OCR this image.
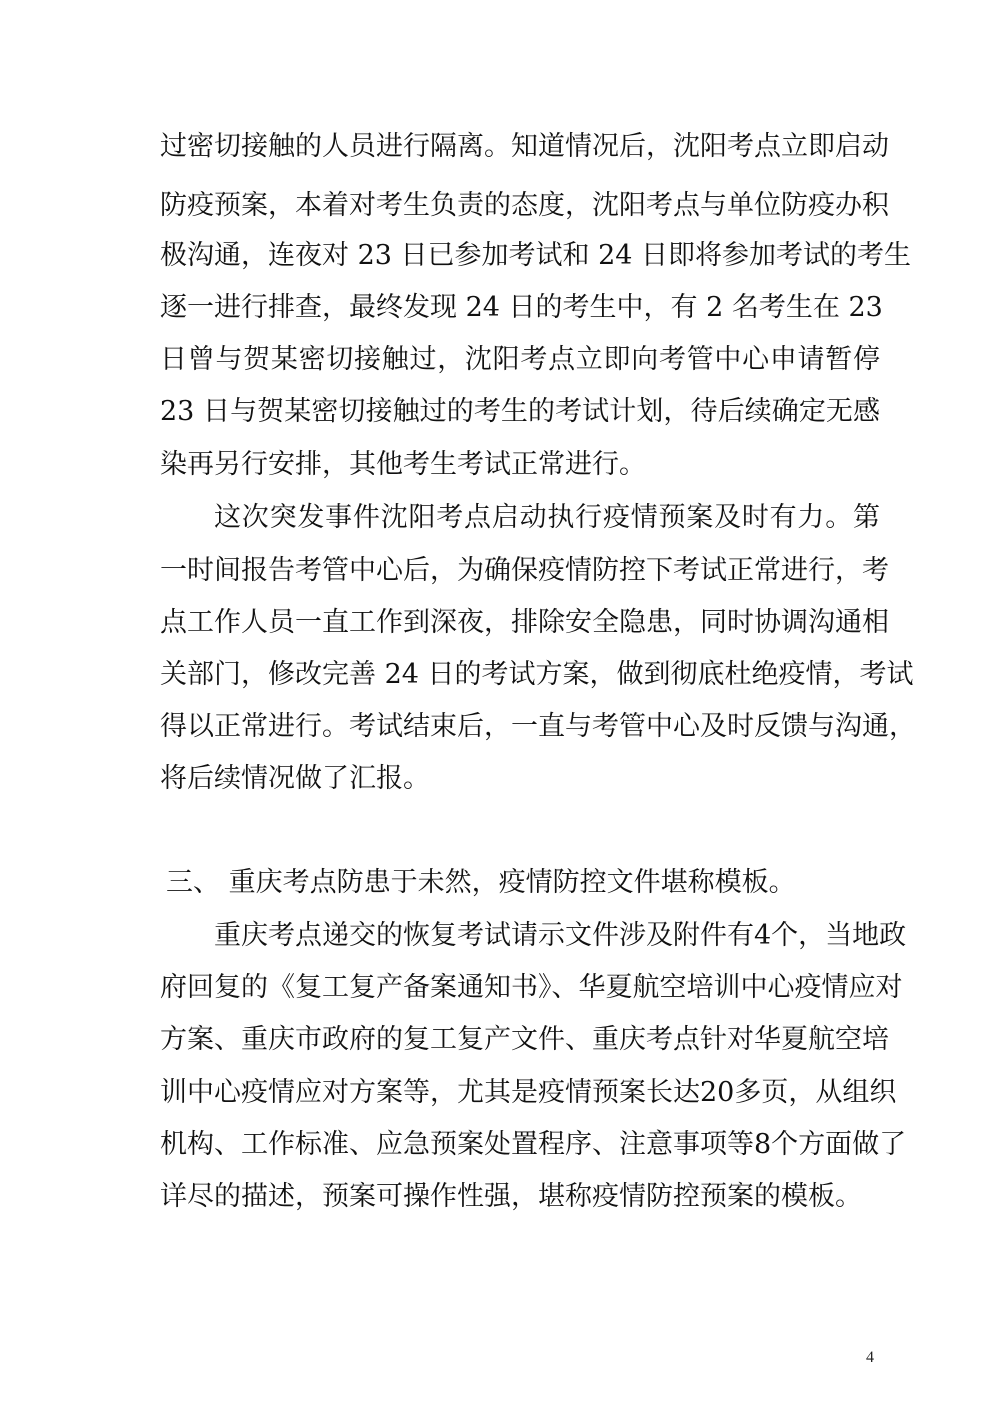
过密切接触的人员进行隔离。知道情况后，沈阳考点立即启动
防疫预案，本着对考生负责的态度，沈阳考点与单位防疫办积
极沟通，连夜对 23 日已参加考试和 24 日即将参加考试的考生
逐一进行排查，最终发现 24 日的考生中，有 2 名考生在 23
日曾与贺某密切接触过，沈阳考点立即向考管中心申请暂停
23 日与贺某密切接触过的考生的考试计划，待后续确定无感
染再另行安排，其他考生考试正常进行。
这次突发事件沈阳考点启动执行疫情预案及时有力。第
一时间报告考管中心后，为确保疫情防控下考试正常进行，考
点工作人员一直工作到深夜，排除安全隐患，同时协调沟通相
关部门，修改完善 24 日的考试方案，做到彻底杜绝疫情，考试
得以正常进行。考试结束后，一直与考管中心及时反馈与沟通，
将后续情况做了汇报。
三、 重庆考点防患于未然，疫情防控文件堪称模板。
重庆考点递交的恢复考试请示文件涉及附件有4个，当地政
府回复的《复工复产备案通知书》、华夏航空培训中心疫情应对
方案、重庆市政府的复工复产文件、重庆考点针对华夏航空培
训中心疫情应对方案等，尤其是疫情预案长达20多页，从组织
机构、工作标准、应急预案处置程序、注意事项等8个方面做了
详尽的描述，预案可操作性强，堪称疫情防控预案的模板。
4
